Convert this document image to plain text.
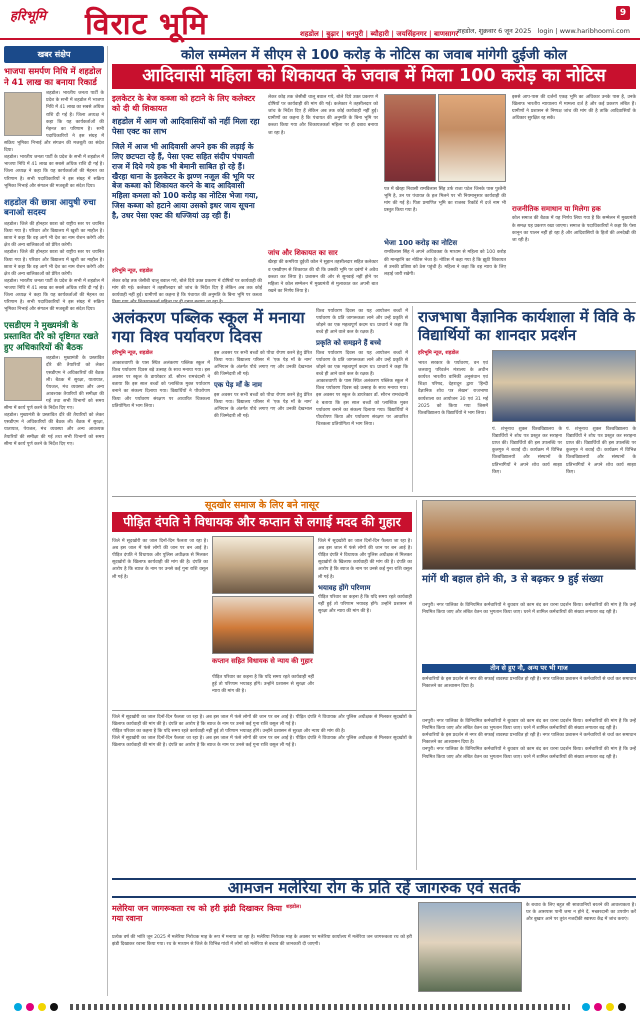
हरिभूमि विराट भूमि	शहडोल | बुढ़ार | धनपुरी | ब्यौहारी | जयसिंहनगर | बाणसागर
9
शहडोल, शुक्रवार 6 जून 2025 login | www.haribhoomi.com
खबर संक्षेप
भाजपा समर्पण निधि में शहडोल ने 41 लाख का बनाया रिकार्ड
शहडोल। भारतीय जनता पार्टी के प्रदेश के सभी में शहडोल में भाजपा निधि में 41 लाख का सबसे अधिक राशि दी गई है। जिला अध्यक्ष ने कहा कि यह कार्यकर्ताओं की मेहनत का परिणाम है। सभी पदाधिकारियों ने इस संग्रह में सक्रिय भूमिका निभाई और संगठन की मजबूती का संदेश दिया।
शहडोल। भारतीय जनता पार्टी के प्रदेश के सभी में शहडोल में भाजपा निधि में 41 लाख का सबसे अधिक राशि दी गई है। जिला अध्यक्ष ने कहा कि यह कार्यकर्ताओं की मेहनत का परिणाम है। सभी पदाधिकारियों ने इस संग्रह में सक्रिय भूमिका निभाई और संगठन की मजबूती का संदेश दिया।
शहडोल की छात्रा आयुषी रुचा बनाओ सदस्य
शहडोल। जिले की होनहार छात्रा को राष्ट्रीय स्तर पर चयनित किया गया है। परिवार और विद्यालय में खुशी का माहौल है। छात्रा ने कहा कि वह आगे भी देश का नाम रोशन करेगी और क्षेत्र की अन्य बालिकाओं को प्रेरित करेगी।
शहडोल। जिले की होनहार छात्रा को राष्ट्रीय स्तर पर चयनित किया गया है। परिवार और विद्यालय में खुशी का माहौल है। छात्रा ने कहा कि वह आगे भी देश का नाम रोशन करेगी और क्षेत्र की अन्य बालिकाओं को प्रेरित करेगी।
शहडोल। भारतीय जनता पार्टी के प्रदेश के सभी में शहडोल में भाजपा निधि में 41 लाख का सबसे अधिक राशि दी गई है। जिला अध्यक्ष ने कहा कि यह कार्यकर्ताओं की मेहनत का परिणाम है। सभी पदाधिकारियों ने इस संग्रह में सक्रिय भूमिका निभाई और संगठन की मजबूती का संदेश दिया।
एसडीएम ने मुख्यमंत्री के प्रस्तावित दौरे को दृष्टिगत रखते हुए अधिकारियों की बैठक
शहडोल। मुख्यमंत्री के प्रस्तावित दौरे की तैयारियों को लेकर एसडीएम ने अधिकारियों की बैठक ली। बैठक में सुरक्षा, यातायात, पेयजल, मंच व्यवस्था और अन्य आवश्यक तैयारियों की समीक्षा की गई तथा सभी विभागों को समय सीमा में कार्य पूर्ण करने के निर्देश दिए गए।
शहडोल। मुख्यमंत्री के प्रस्तावित दौरे की तैयारियों को लेकर एसडीएम ने अधिकारियों की बैठक ली। बैठक में सुरक्षा, यातायात, पेयजल, मंच व्यवस्था और अन्य आवश्यक तैयारियों की समीक्षा की गई तथा सभी विभागों को समय सीमा में कार्य पूर्ण करने के निर्देश दिए गए।
कोल सम्मेलन में सीएम से 100 करोड़ के नोटिस का जवाब मांगेगी दुईजी कोल
आदिवासी महिला को शिकायत के जवाब में मिला 100 करोड़ का नोटिस
इलकेटर के बेज कब्जा को हटाने के लिए कलेक्टर को दी थी शिकायत
शहडोल में आम जो आदिवासियों को नहीं मिला रहा पेसा एक्ट का लाभ
जिले में आज भी आदिवासी अपने हक की लड़ाई के लिए छटपटा रहे हैं, पेसा एक्ट सहित संदीप पंचायती राज में दिये गये हक भी बेमानी साबित हो रहे हैं। खैरहा थाना के इलकेटर के झण्ण नजूल की भूमि पर बेज कब्जा को शिकायत करने के बाद आदिवासी महिला कमला को 100 करोड़ का नोटिस भेजा गया, जिस कब्जा को हटाने आया उसको इधर जाय सूचना है, उधर पेसा एक्ट की धज्जियां उड़ रही हैं।
हरिभूमि न्यूज, शहडोल
लेकर कोड़ तक जेसीबी चालू बवाल गये, बोले दिये उक्त प्रकरण में दोषियों पर कार्यवाही की मांग की गई। कलेक्टर ने तहसीलदार को जांच के निर्देश दिए हैं लेकिन अब तक कोई कार्यवाही नहीं हुई। ग्रामीणों का कहना है कि पंचायत की अनुमति के बिना भूमि पर कब्जा
लेकर कोड़ तक जेसीबी चालू बवाल गये, बोले दिये उक्त प्रकरण में दोषियों पर कार्यवाही की मांग की गई। कलेक्टर ने तहसीलदार को जांच के निर्देश दिए हैं लेकिन अब तक कोई कार्यवाही नहीं हुई। ग्रामीणों का कहना है कि पंचायत की अनुमति के बिना भूमि पर कब्जा किया गया और शिकायतकर्ता महिला पर ही दबाव बनाया जा रहा है।
जांच और शिकायत का सार
खैरहा की कमरिया दुईजी कोल ने सुहान तहसीलदार सहित कलेक्टर व एसडीएम से शिकायत की थी कि उसकी भूमि पर दबंगों ने अवैध कब्जा कर लिया है। प्रशासन की ओर से सुनवाई नहीं होने पर महिला ने कोल सम्मेलन में मुख्यमंत्री से मुलाकात कर अपनी बात रखने का निर्णय लिया है।
पत्र में खैरहा निवासी रामविलास सिंह उर्फ राजा पटेल जिनके पास पुश्तैनी भूमि है, उन पर पंचायत के हल मिलने पर भी नियमानुसार कार्यवाही की मांग की गई है। पिता प्रमाणित भूमि का राजस्व रिकॉर्ड में दर्ज नाम भी प्रस्तुत किया गया है।
भेजा 100 करोड़ का नोटिस
रामविलास सिंह ने अपने अधिवक्ता के माध्यम से महिला को 100 करोड़ की मानहानि का नोटिस भेजा है। नोटिस में कहा गया है कि झूठी शिकायत से उनकी प्रतिष्ठा को ठेस पहुंची है। महिला ने कहा कि वह न्याय के लिए लड़ाई जारी रखेगी।
इससे आप-पास की दर्जनों एकड़ भूमि का अधिकार उनके पास है, उनके खिलाफ भारतीय न्यायालय में मामला दर्ज है और कई प्रकरण लंबित हैं। ग्रामीणों ने प्रशासन से निष्पक्ष जांच की मांग की है ताकि आदिवासियों के अधिकार सुरक्षित रह सकें।
राजनीतिक समाधान या मिलेगा हक
कोल समाज की बैठक में यह निर्णय लिया गया है कि सम्मेलन में मुख्यमंत्री के समक्ष यह प्रकरण रखा जाएगा। समाज के पदाधिकारियों ने कहा कि पेसा कानून का पालन नहीं हो रहा है और आदिवासियों के हितों की अनदेखी की जा रही है।
अलंकरण पब्लिक स्कूल में मनाया गया विश्व पर्यावरण दिवस
हरिभूमि न्यूज, शहडोल
आकाशवाणी के पास स्थित अलंकरण पब्लिक स्कूल में विश्व पर्यावरण दिवस बड़े उत्साह के साथ मनाया गया। इस अवसर पर स्कूल के डायरेक्टर डॉ. सौरभ रामचंदानी ने बताया कि इस साल बच्चों को प्लास्टिक मुक्त पर्यावरण बनाने का संकल्प दिलाया गया। विद्यार्थियों ने पौधरोपण किया और पर्यावरण संरक्षण पर आधारित चित्रकला प्रतियोगिता में भाग लिया।
इस अवसर पर सभी बच्चों को पौधा रोपण करने हेतु प्रेरित किया गया। विद्यालय परिसर में 'एक पेड़ माँ के नाम' अभियान के अंतर्गत पौधे लगाए गए और उनकी देखभाल की जिम्मेदारी ली गई।
एक पेड़ माँ के नाम
इस अवसर पर सभी बच्चों को पौधा रोपण करने हेतु प्रेरित किया गया। विद्यालय परिसर में 'एक पेड़ माँ के नाम' अभियान के अंतर्गत पौधे लगाए गए और उनकी देखभाल की जिम्मेदारी ली गई।
विश्व पर्यावरण दिवस का यह आयोजन बच्चों में पर्यावरण के प्रति जागरूकता लाने और उन्हें प्रकृति से जोड़ने का एक महत्वपूर्ण कदम था। प्राचार्य ने कहा कि बच्चे ही आने वाले कल के रक्षक हैं।
प्रकृति को समझने हैं बच्चे
विश्व पर्यावरण दिवस का यह आयोजन बच्चों में पर्यावरण के प्रति जागरूकता लाने और उन्हें प्रकृति से जोड़ने का एक महत्वपूर्ण कदम था। प्राचार्य ने कहा कि बच्चे ही आने वाले कल के रक्षक हैं।
आकाशवाणी के पास स्थित अलंकरण पब्लिक स्कूल में विश्व पर्यावरण दिवस बड़े उत्साह के साथ मनाया गया। इस अवसर पर स्कूल के डायरेक्टर डॉ. सौरभ रामचंदानी ने बताया कि इस साल बच्चों को प्लास्टिक मुक्त पर्यावरण बनाने का संकल्प दिलाया गया। विद्यार्थियों ने पौधरोपण किया और पर्यावरण संरक्षण पर आधारित चित्रकला प्रतियोगिता में भाग लिया।
राजभाषा वैज्ञानिक कार्यशाला में विवि के विद्यार्थियों का शानदार प्रदर्शन
हरिभूमि न्यूज, शहडोल
भारत सरकार के पर्यावरण, वन एवं जलवायु परिवर्तन मंत्रालय के अधीन कार्यरत भारतीय वानिकी अनुसंधान एवं शिक्षा परिषद, देहरादून द्वारा 'हिन्दी वैज्ञानिक शोध पत्र लेखन' राजभाषा कार्यशाला का आयोजन 30 एवं 31 मई 2025 को किया गया जिसमें विश्वविद्यालय के विद्यार्थियों ने भाग लिया।
पं. शंभूनाथ शुक्ल विश्वविद्यालय के विद्यार्थियों ने शोध पत्र प्रस्तुत कर सराहना प्राप्त की। विद्यार्थियों की इस उपलब्धि पर कुलगुरु ने बधाई दी। कार्यक्रम में विभिन्न विश्वविद्यालयों और संस्थानों के प्रतिभागियों ने अपने शोध कार्य साझा किए।
पं. शंभूनाथ शुक्ल विश्वविद्यालय के विद्यार्थियों ने शोध पत्र प्रस्तुत कर सराहना प्राप्त की। विद्यार्थियों की इस उपलब्धि पर कुलगुरु ने बधाई दी। कार्यक्रम में विभिन्न विश्वविद्यालयों और संस्थानों के प्रतिभागियों ने अपने शोध कार्य साझा किए।
सूदखोर समाज के लिए बने नासूर
पीड़ित दंपति ने विधायक और कप्तान से लगाई मदद की गुहार
जिले में सूदखोरी का जाल दिनों-दिन फैलता जा रहा है। अब इस जाल में फंसे लोगों की जान पर बन आई है। पीड़ित दंपति ने विधायक और पुलिस अधीक्षक से मिलकर सूदखोरों के खिलाफ कार्यवाही की मांग की है। दंपति का आरोप है कि ब्याज के नाम पर उनसे कई गुना राशि वसूल ली गई है।
कप्तान सहित विधायक से न्याय की गुहार
पीड़ित परिवार का कहना है कि यदि समय रहते कार्यवाही नहीं हुई तो परिणाम भयावह होंगे। उन्होंने प्रशासन से सुरक्षा और न्याय की मांग की है।
जिले में सूदखोरी का जाल दिनों-दिन फैलता जा रहा है। अब इस जाल में फंसे लोगों की जान पर बन आई है। पीड़ित दंपति ने विधायक और पुलिस अधीक्षक से मिलकर सूदखोरों के खिलाफ कार्यवाही की मांग की है। दंपति का आरोप है कि ब्याज के नाम पर उनसे कई गुना राशि वसूल ली गई है।
भयावह होंगे परिणाम
पीड़ित परिवार का कहना है कि यदि समय रहते कार्यवाही नहीं हुई तो परिणाम भयावह होंगे। उन्होंने प्रशासन से सुरक्षा और न्याय की मांग की है।
मांगें थी बहाल होने की, 3 से बढ़कर 9 हुई संख्या
धनपुरी। नगर पालिका के विनियमित कर्मचारियों ने बुधवार को काम बंद कर धरना प्रदर्शन किया। कर्मचारियों की मांग है कि उन्हें नियमित किया जाए और लंबित वेतन का भुगतान किया जाए। धरने में शामिल कर्मचारियों की संख्या लगातार बढ़ रही है।
तीन से हुए नौ, अन्य पर भी गाज
कर्मचारियों के इस प्रदर्शन से नगर की सफाई व्यवस्था प्रभावित हो रही है। नगर पालिका प्रशासन ने कर्मचारियों से चर्चा कर समाधान निकालने का आश्वासन दिया है।
जिले में सूदखोरी का जाल दिनों-दिन फैलता जा रहा है। अब इस जाल में फंसे लोगों की जान पर बन आई है। पीड़ित दंपति ने विधायक और पुलिस अधीक्षक से मिलकर सूदखोरों के खिलाफ कार्यवाही की मांग की है। दंपति का आरोप है कि ब्याज के नाम पर उनसे कई गुना राशि वसूल ली गई है।
पीड़ित परिवार का कहना है कि यदि समय रहते कार्यवाही नहीं हुई तो परिणाम भयावह होंगे। उन्होंने प्रशासन से सुरक्षा और न्याय की मांग की है।
जिले में सूदखोरी का जाल दिनों-दिन फैलता जा रहा है। अब इस जाल में फंसे लोगों की जान पर बन आई है। पीड़ित दंपति ने विधायक और पुलिस अधीक्षक से मिलकर सूदखोरों के खिलाफ कार्यवाही की मांग की है। दंपति का आरोप है कि ब्याज के नाम पर उनसे कई गुना राशि वसूल ली गई है।
धनपुरी। नगर पालिका के विनियमित कर्मचारियों ने बुधवार को काम बंद कर धरना प्रदर्शन किया। कर्मचारियों की मांग है कि उन्हें नियमित किया जाए और लंबित वेतन का भुगतान किया जाए। धरने में शामिल कर्मचारियों की संख्या लगातार बढ़ रही है।
कर्मचारियों के इस प्रदर्शन से नगर की सफाई व्यवस्था प्रभावित हो रही है। नगर पालिका प्रशासन ने कर्मचारियों से चर्चा कर समाधान निकालने का आश्वासन दिया है।
धनपुरी। नगर पालिका के विनियमित कर्मचारियों ने बुधवार को काम बंद कर धरना प्रदर्शन किया। कर्मचारियों की मांग है कि उन्हें नियमित किया जाए और लंबित वेतन का भुगतान किया जाए। धरने में शामिल कर्मचारियों की संख्या लगातार बढ़ रही है।
आमजन मलेरिया रोग के प्रति रहें जागरुक एवं सतर्क
मलेरिया जन जागरूकता रथ को हरी झंडी दिखाकर किया गया रवाना
शहडोल।
प्रत्येक वर्ष की भांति जून 2025 में मलेरिया निरोधक माह के रूप में मनाया जा रहा है। मलेरिया निरोधक माह के अवसर पर मलेरिया कार्यालय में मलेरिया जन जागरूकता रथ को हरी झंडी दिखाकर रवाना किया गया। रथ के माध्यम से जिले के विभिन्न गांवों में लोगों को मलेरिया से बचाव की जानकारी दी जाएगी।
के बचाव के लिए बहुत सी सावधानियों बरतने की आवश्यकता है। घर के आसपास पानी जमा न होने दें, मच्छरदानी का उपयोग करें और बुखार आने पर तुरंत नजदीकी स्वास्थ्य केंद्र में जांच कराएं।
